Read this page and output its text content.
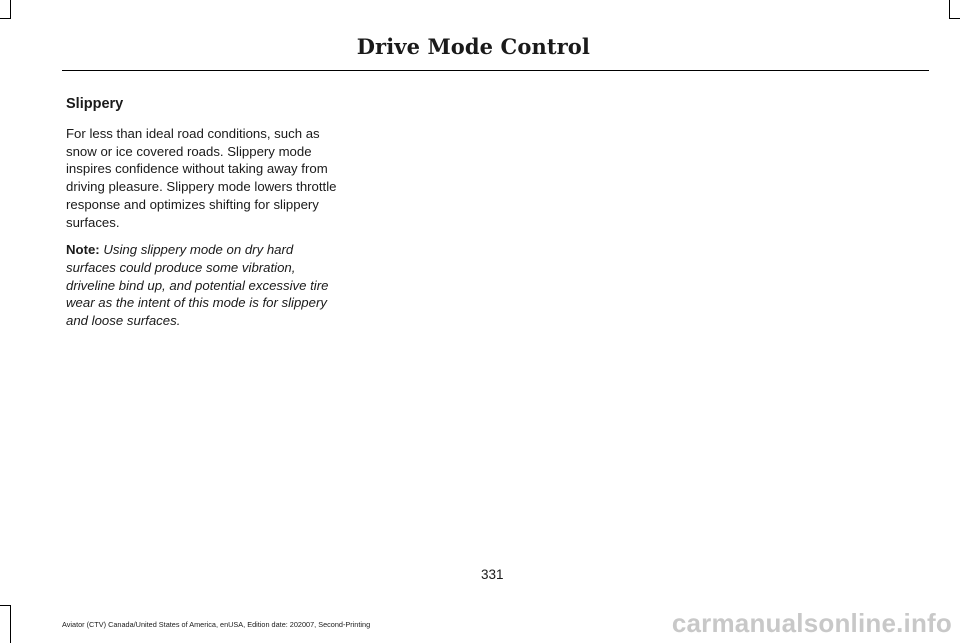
Drive Mode Control
Slippery

For less than ideal road conditions, such as snow or ice covered roads. Slippery mode inspires confidence without taking away from driving pleasure. Slippery mode lowers throttle response and optimizes shifting for slippery surfaces.

Note: Using slippery mode on dry hard surfaces could produce some vibration, driveline bind up, and potential excessive tire wear as the intent of this mode is for slippery and loose surfaces.

331
Aviator (CTV) Canada/United States of America, enUSA, Edition date: 202007, Second-Printing	carmanualsonline.info
